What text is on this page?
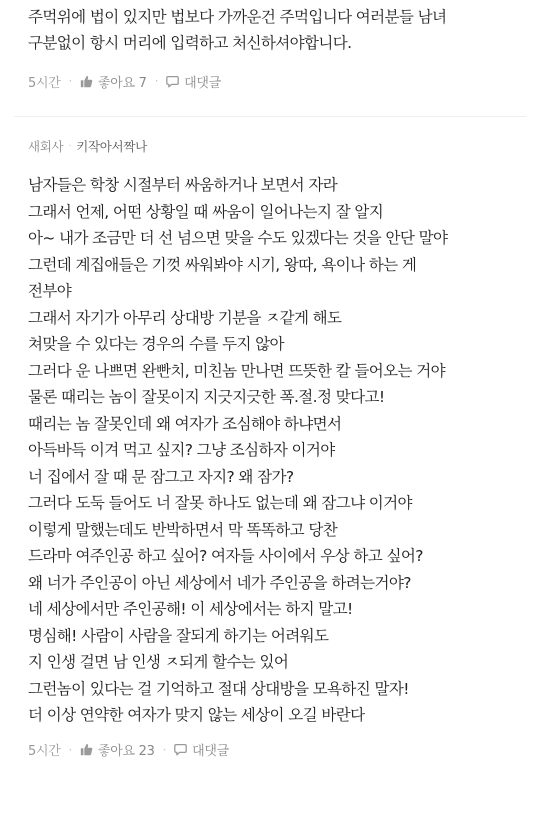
주먹위에 법이 있지만 법보다 가까운건 주먹입니다 여러분들 남녀
구분없이 항시 머리에 입력하고 처신하셔야합니다.
5시간 · 좋아요 7 · 대댓글
새회사 · 키작아서짝나
남자들은 학창 시절부터 싸움하거나 보면서 자라
그래서 언제, 어떤 상황일 때 싸움이 일어나는지 잘 알지
아~ 내가 조금만 더 선 넘으면 맞을 수도 있겠다는 것을 안단 말야
그런데 계집애들은 기껏 싸워봐야 시기, 왕따, 욕이나 하는 게
전부야
그래서 자기가 아무리 상대방 기분을 ㅈ같게 해도
쳐맞을 수 있다는 경우의 수를 두지 않아
그러다 운 나쁘면 완빤치, 미친놈 만나면 뜨뜻한 칼 들어오는 거야
물론 때리는 놈이 잘못이지 지긋지긋한 폭.절.정 맞다고!
때리는 놈 잘못인데 왜 여자가 조심해야 하냐면서
아득바득 이겨 먹고 싶지? 그냥 조심하자 이거야
너 집에서 잘 때 문 잠그고 자지? 왜 잠가?
그러다 도둑 들어도 너 잘못 하나도 없는데 왜 잠그냐 이거야
이렇게 말했는데도 반박하면서 막 똑똑하고 당찬
드라마 여주인공 하고 싶어? 여자들 사이에서 우상 하고 싶어?
왜 너가 주인공이 아닌 세상에서 네가 주인공을 하려는거야?
네 세상에서만 주인공해! 이 세상에서는 하지 말고!
명심해! 사람이 사람을 잘되게 하기는 어려워도
지 인생 걸면 남 인생 ㅈ되게 할수는 있어
그런놈이 있다는 걸 기억하고 절대 상대방을 모욕하진 말자!
더 이상 연약한 여자가 맞지 않는 세상이 오길 바란다
5시간 · 좋아요 23 · 대댓글
